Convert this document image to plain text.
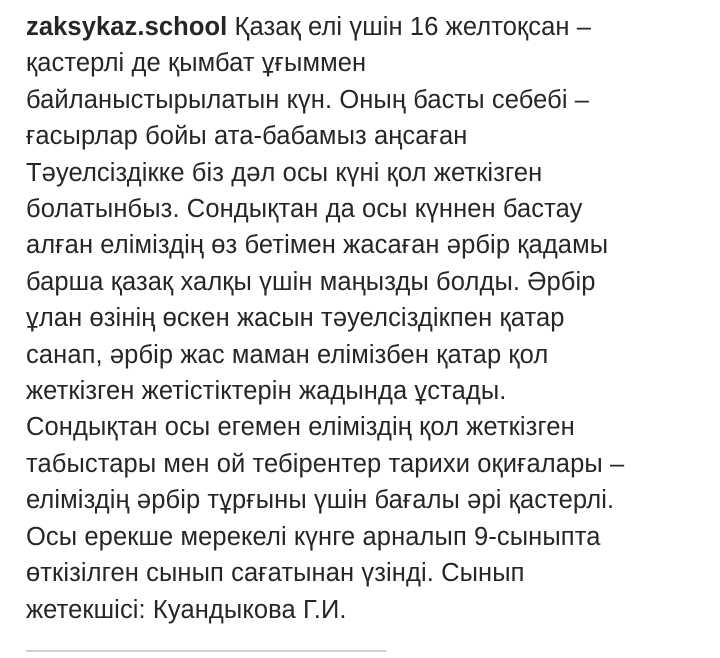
zaksykaz.school Қазақ елі үшін 16 желтоқсан –
қастерлі де қымбат ұғыммен
байланыстырылатын күн. Оның басты себебі –
ғасырлар бойы ата-бабамыз аңсаған
Тәуелсіздікке біз дәл осы күні қол жеткізген
болатынбыз. Сондықтан да осы күннен бастау
алған еліміздің өз бетімен жасаған әрбір қадамы
барша қазақ халқы үшін маңызды болды. Әрбір
ұлан өзінің өскен жасын тәуелсіздікпен қатар
санап, әрбір жас маман елімізбен қатар қол
жеткізген жетістіктерін жадында ұстады.
Сондықтан осы егемен еліміздің қол жеткізген
табыстары мен ой тебірентер тарихи оқиғалары –
еліміздің әрбір тұрғыны үшін бағалы әрі қастерлі.
Осы ерекше мерекелі күнге арналып 9-сыныпта
өткізілген сынып сағатынан үзінді. Сынып
жетекшісі: Куандыкова Г.И.
